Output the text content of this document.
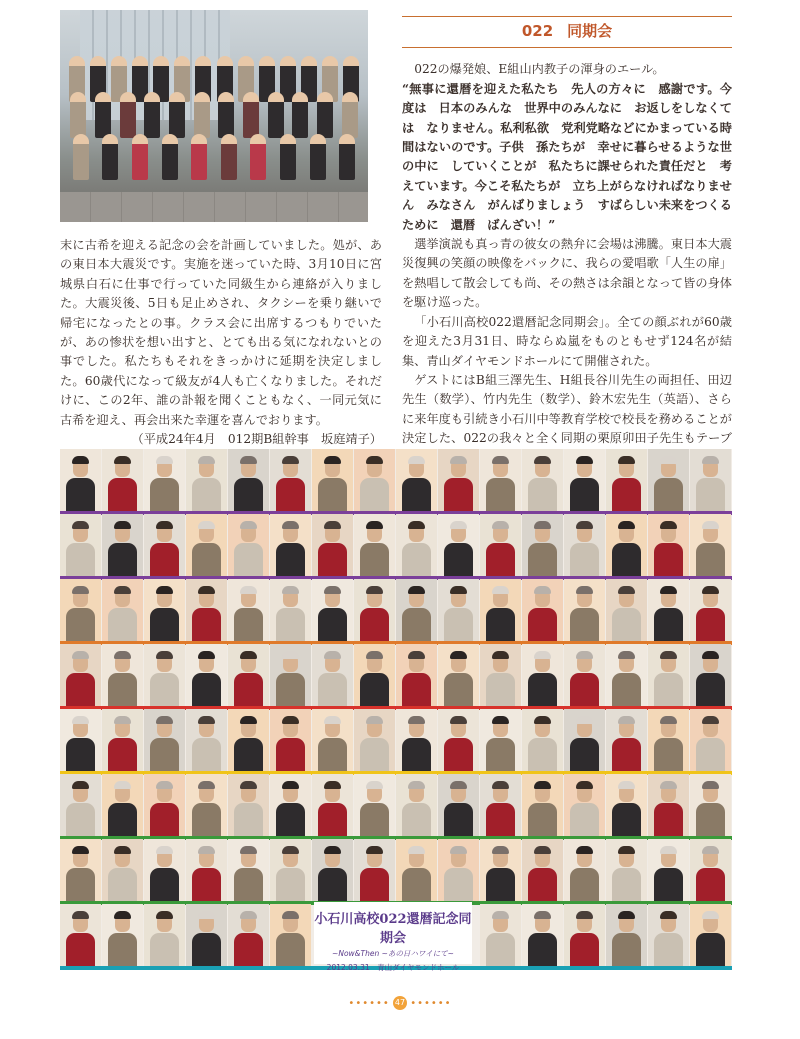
末に古希を迎える記念の会を計画していました。処が、あの東日本大震災です。実施を迷っていた時、3月10日に宮城県白石に仕事で行っていた同級生から連絡が入りました。大震災後、5日も足止めされ、タクシーを乗り継いで帰宅になったとの事。クラス会に出席するつもりでいたが、あの惨状を想い出すと、とても出る気になれないとの事でした。私たちもそれをきっかけに延期を決定しました。60歳代になって級友が4人も亡くなりました。それだけに、この2年、誰の訃報を聞くこともなく、一同元気に古希を迎え、再会出来た幸運を喜んでおります。

（平成24年4月　012期B組幹事　坂庭靖子）
022 同期会

022の爆発娘、E組山内教子の渾身のエール。

“無事に還暦を迎えた私たち　先人の方々に　感謝です。今度は　日本のみんな　世界中のみんなに　お返しをしなくては　なりません。私利私欲　党利党略などにかまっている時間はないのです。子供　孫たちが　幸せに暮らせるような世の中に　していくことが　私たちに課せられた責任だと　考えています。今こそ私たちが　立ち上がらなければなりません　みなさん　がんばりましょう　すばらしい未来をつくるために　還暦　ばんざい！”

選挙演説も真っ青の彼女の熱弁に会場は沸騰。東日本大震災復興の笑顔の映像をバックに、我らの愛唱歌「人生の扉」を熱唱して散会しても尚、その熱さは余韻となって皆の身体を駆け巡った。

「小石川高校022還暦記念同期会」。全ての顔ぶれが60歳を迎えた3月31日、時ならぬ嵐をものともせず124名が結集、青山ダイヤモンドホールにて開催された。

ゲストにはB組三澤先生、H組長谷川先生の両担任、田辺先生（数学）、竹内先生（数学）、鈴木宏先生（英語）、さらに来年度も引続き小石川中等教育学校で校長を務めることが決定した、022の我々と全く同期の栗原卯田子先生もテーブ

小石川高校022還暦記念同期会
~Now&Then ~あの日ハワイにて~
2012.03.31　青山ダイヤモンドホール
•••••• 47 ••••••
